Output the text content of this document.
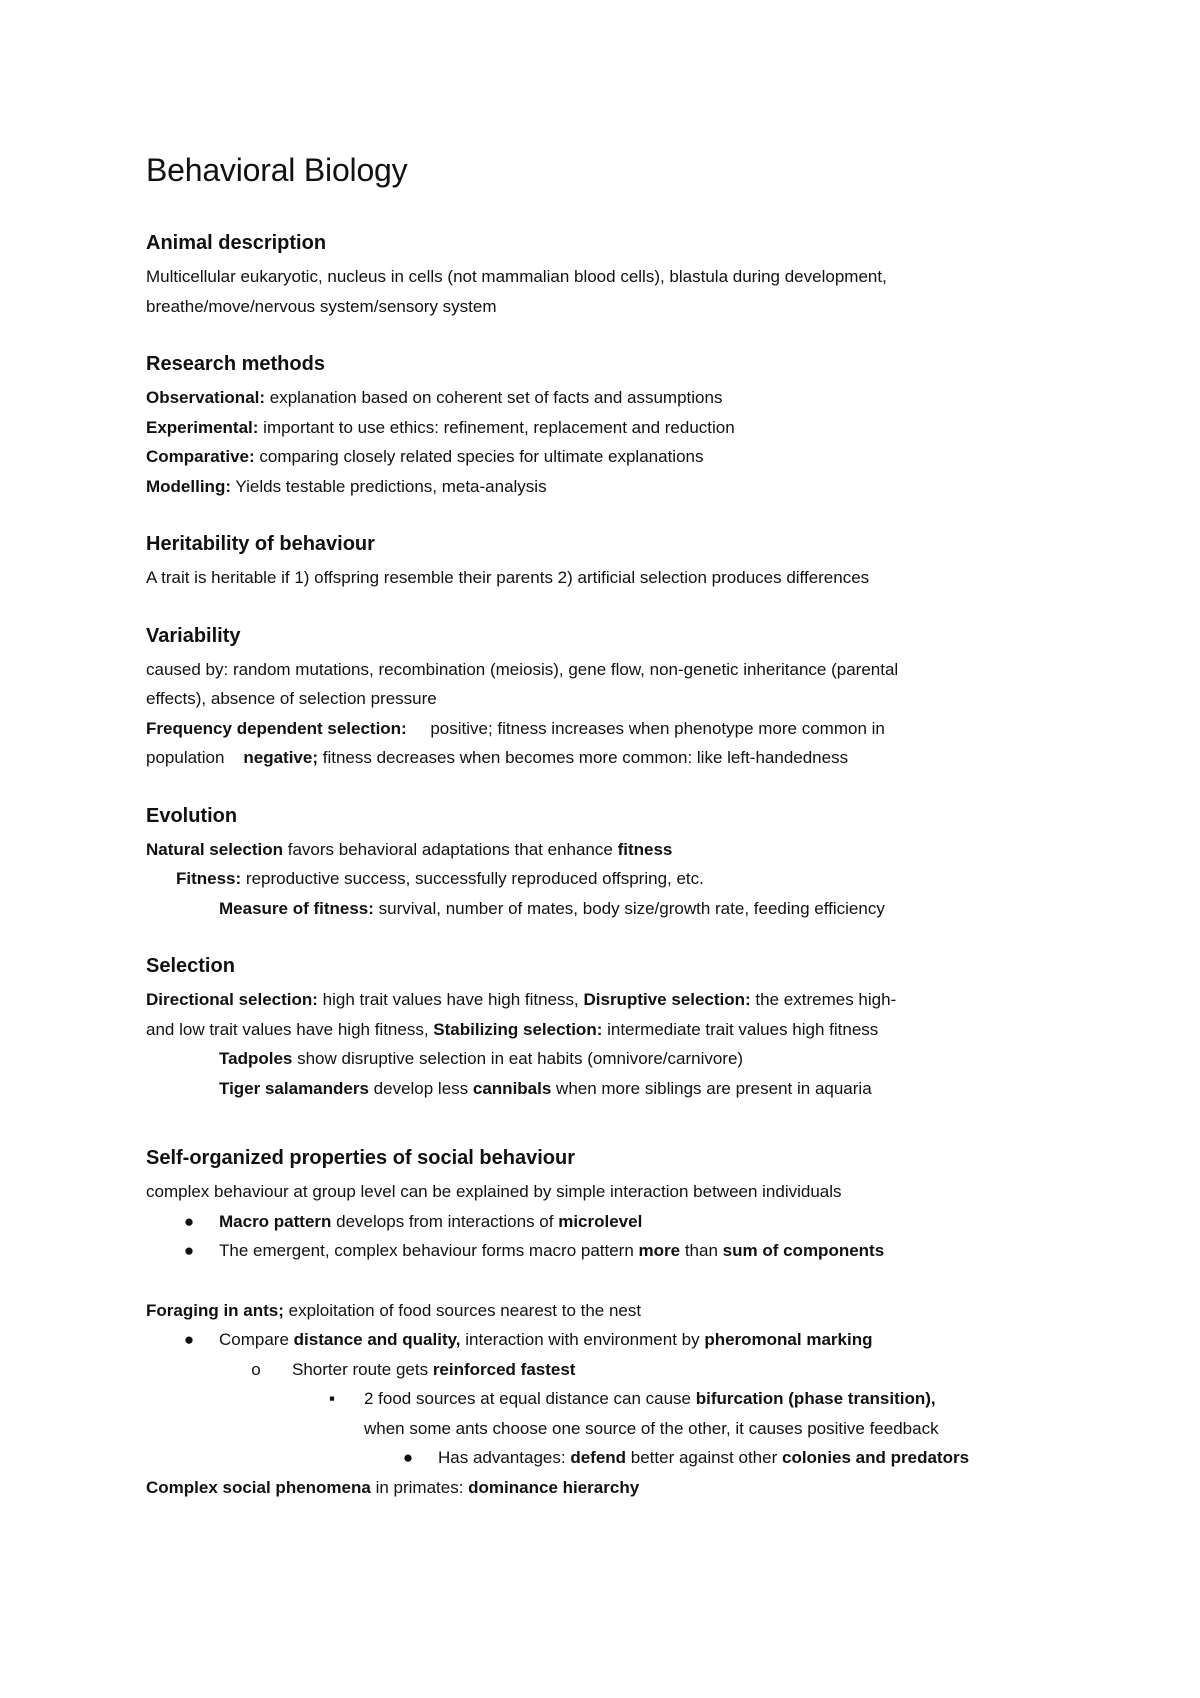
Behavioral Biology
Animal description

Multicellular eukaryotic, nucleus in cells (not mammalian blood cells), blastula during development,

breathe/move/nervous system/sensory system

Research methods

Observational: explanation based on coherent set of facts and assumptions

Experimental: important to use ethics: refinement, replacement and reduction

Comparative: comparing closely related species for ultimate explanations

Modelling: Yields testable predictions, meta-analysis

Heritability of behaviour

A trait is heritable if 1) offspring resemble their parents 2) artificial selection produces differences

Variability

caused by: random mutations, recombination (meiosis), gene flow, non-genetic inheritance (parental

effects), absence of selection pressure

Frequency dependent selection:     positive; fitness increases when phenotype more common in

population    negative; fitness decreases when becomes more common: like left-handedness

Evolution

Natural selection favors behavioral adaptations that enhance fitness

Fitness: reproductive success, successfully reproduced offspring, etc.

Measure of fitness: survival, number of mates, body size/growth rate, feeding efficiency

Selection

Directional selection: high trait values have high fitness, Disruptive selection: the extremes high-

and low trait values have high fitness, Stabilizing selection: intermediate trait values high fitness

Tadpoles show disruptive selection in eat habits (omnivore/carnivore)

Tiger salamanders develop less cannibals when more siblings are present in aquaria

Self-organized properties of social behaviour

complex behaviour at group level can be explained by simple interaction between individuals

● Macro pattern develops from interactions of microlevel
● The emergent, complex behaviour forms macro pattern more than sum of components

Foraging in ants; exploitation of food sources nearest to the nest

● Compare distance and quality, interaction with environment by pheromonal marking
o	Shorter route gets reinforced fastest
▪	2 food sources at equal distance can cause bifurcation (phase transition),
when some ants choose one source of the other, it causes positive feedback
● Has advantages: defend better against other colonies and predators

Complex social phenomena in primates: dominance hierarchy
